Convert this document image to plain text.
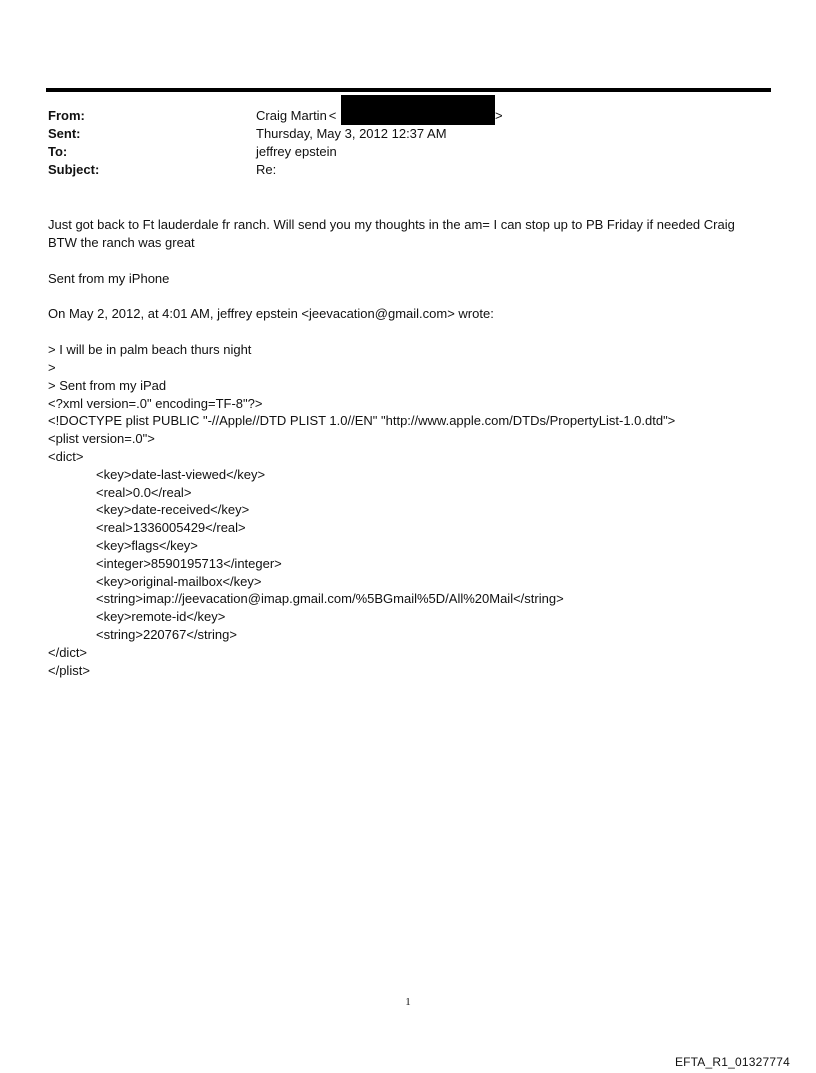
From:	Craig Martin <	>
Sent:	Thursday, May 3, 2012 12:37 AM
To:	jeffrey epstein
Subject:	Re:
Just got back to Ft lauderdale fr ranch. Will send you my thoughts in the am= I can stop up to PB Friday if needed Craig
BTW the ranch was great
Sent from my iPhone
On May 2, 2012, at 4:01 AM, jeffrey epstein <jeevacation@gmail.com> wrote:
> I will be in palm beach thurs night
>
> Sent from my iPad
<?xml version=.0" encoding=TF-8"?>
<!DOCTYPE plist PUBLIC "-//Apple//DTD PLIST 1.0//EN" "http://www.apple.com/DTDs/PropertyList-1.0.dtd">
<plist version=.0">
<dict>
<key>date-last-viewed</key>
<real>0.0</real>
<key>date-received</key>
<real>1336005429</real>
<key>flags</key>
<integer>8590195713</integer>
<key>original-mailbox</key>
<string>imap://jeevacation@imap.gmail.com/%5BGmail%5D/All%20Mail</string>
<key>remote-id</key>
<string>220767</string>
</dict>
</plist>
1
EFTA_R1_01327774
